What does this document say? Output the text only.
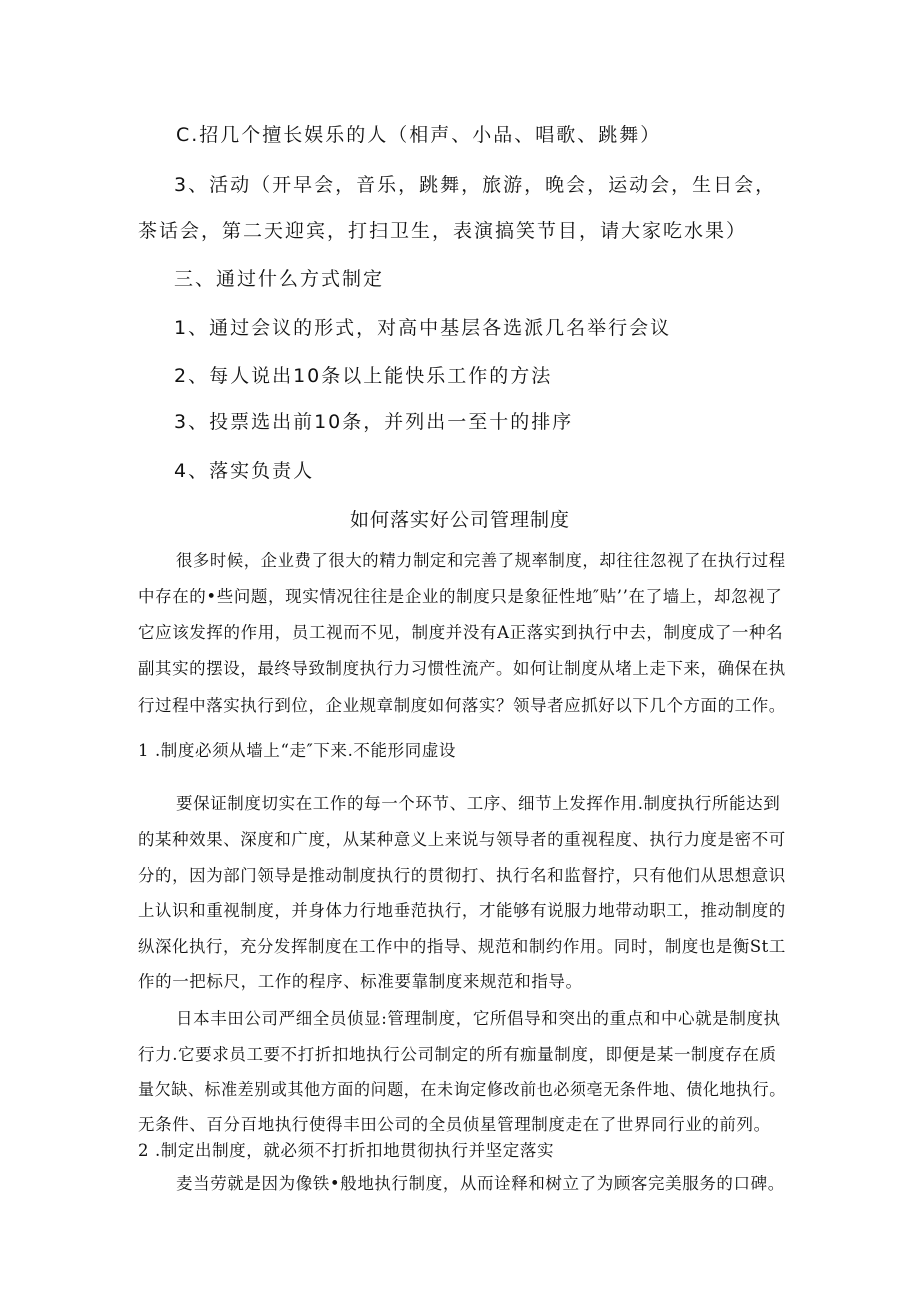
C.招几个擅长娱乐的人（相声、小品、唱歌、跳舞）

3、活动（开早会，音乐，跳舞，旅游，晚会，运动会，生日会，

茶话会，第二天迎宾，打扫卫生，表演搞笑节目，请大家吃水果）

三、通过什么方式制定

1、通过会议的形式，对高中基层各选派几名举行会议

2、每人说出10条以上能快乐工作的方法

3、投票选出前10条，并列出一至十的排序

4、落实负责人

如何落实好公司管理制度

很多时候，企业费了很大的精力制定和完善了规率制度，却往往忽视了在执行过程

中存在的•些问题，现实情况往往是企业的制度只是象征性地″贴’’在了墙上，却忽视了

它应该发挥的作用，员工视而不见，制度并没有A正落实到执行中去，制度成了一种名

副其实的摆设，最终导致制度执行力习惯性流产。如何让制度从堵上走下来，确保在执

行过程中落实执行到位，企业规章制度如何落实？领导者应抓好以下几个方面的工作。

1 .制度必须从墙上“走″下来.不能形同虚设

要保证制度切实在工作的每一个环节、工序、细节上发挥作用.制度执行所能达到

的某种效果、深度和广度，从某种意义上来说与领导者的重视程度、执行力度是密不可

分的，因为部门领导是推动制度执行的贯彻打、执行名和监督拧，只有他们从思想意识

上认识和重视制度，并身体力行地垂范执行，才能够有说服力地带动职工，推动制度的

纵深化执行，充分发挥制度在工作中的指导、规范和制约作用。同时，制度也是衡St工

作的一把标尺，工作的程序、标准要靠制度来规范和指导。

日本丰田公司严细全员侦显:管理制度，它所倡导和突出的重点和中心就是制度执

行力.它要求员工要不打折扣地执行公司制定的所有痂量制度，即便是某一制度存在质

量欠缺、标准差别或其他方面的问题，在未询定修改前也必须亳无条件地、债化地执行。

无条件、百分百地执行使得丰田公司的全员侦星管理制度走在了世界同行业的前列。

2 .制定出制度，就必须不打折扣地贯彻执行并坚定落实

麦当劳就是因为像铁•般地执行制度，从而诠释和树立了为顾客完美服务的口碑。
